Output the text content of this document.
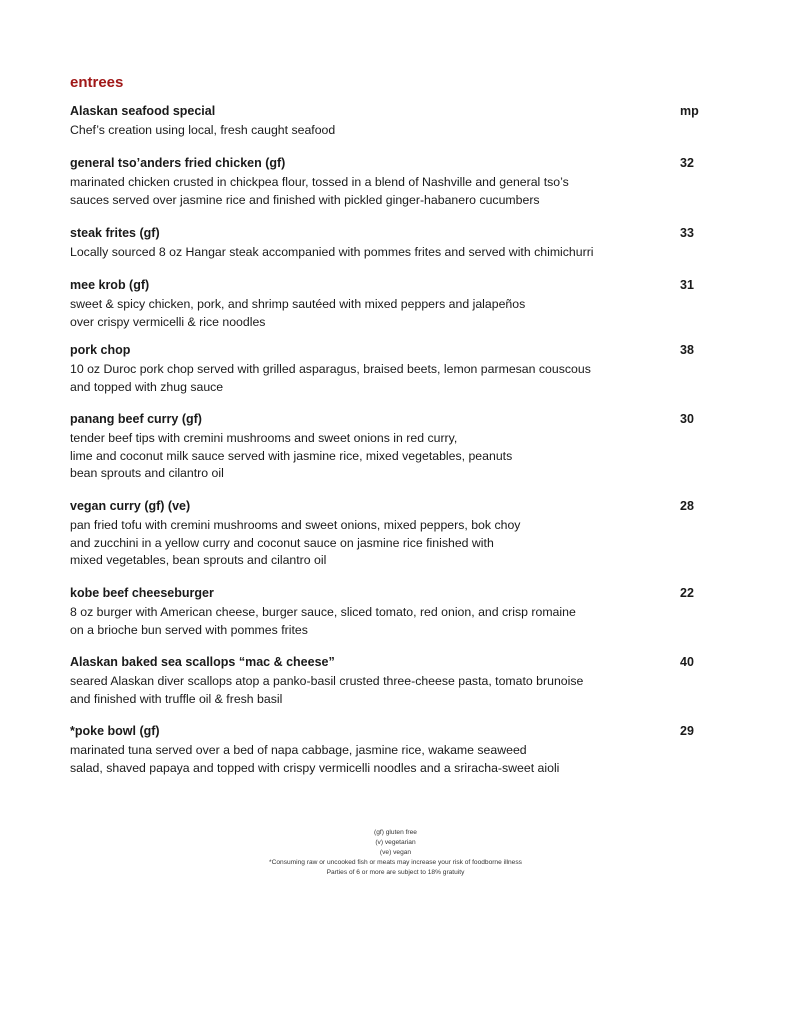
entrees
Alaskan seafood special	mp
Chef’s creation using local, fresh caught seafood
general tso’anders fried chicken (gf)	32
marinated chicken crusted in chickpea flour, tossed in a blend of Nashville and general tso’s
sauces served over jasmine rice and finished with pickled ginger-habanero cucumbers
steak frites (gf)	33
Locally sourced 8 oz Hangar steak accompanied with pommes frites and served with chimichurri
mee krob (gf)	31
sweet & spicy chicken, pork, and shrimp sautéed with mixed peppers and jalapeños
over crispy vermicelli & rice noodles
pork chop	38
10 oz Duroc pork chop served with grilled asparagus, braised beets, lemon parmesan couscous
and topped with zhug sauce
panang beef curry (gf)	30
tender beef tips with cremini mushrooms and sweet onions in red curry,
lime and coconut milk sauce served with jasmine rice, mixed vegetables, peanuts
bean sprouts and cilantro oil
vegan curry (gf) (ve)	28
pan fried tofu with cremini mushrooms and sweet onions, mixed peppers, bok choy
and zucchini in a yellow curry and coconut sauce on jasmine rice finished with
mixed vegetables, bean sprouts and cilantro oil
kobe beef cheeseburger	22
8 oz burger with American cheese, burger sauce, sliced tomato, red onion, and crisp romaine
on a brioche bun served with pommes frites
Alaskan baked sea scallops “mac & cheese”	40
seared Alaskan diver scallops atop a panko-basil crusted three-cheese pasta, tomato brunoise
and finished with truffle oil & fresh basil
*poke bowl (gf)	29
marinated tuna served over a bed of napa cabbage, jasmine rice, wakame seaweed
salad, shaved papaya and topped with crispy vermicelli noodles and a sriracha-sweet aioli
(gf) gluten free
(v) vegetarian
(ve) vegan
*Consuming raw or uncooked fish or meats may increase your risk of foodborne illness
Parties of 6 or more are subject to 18% gratuity
